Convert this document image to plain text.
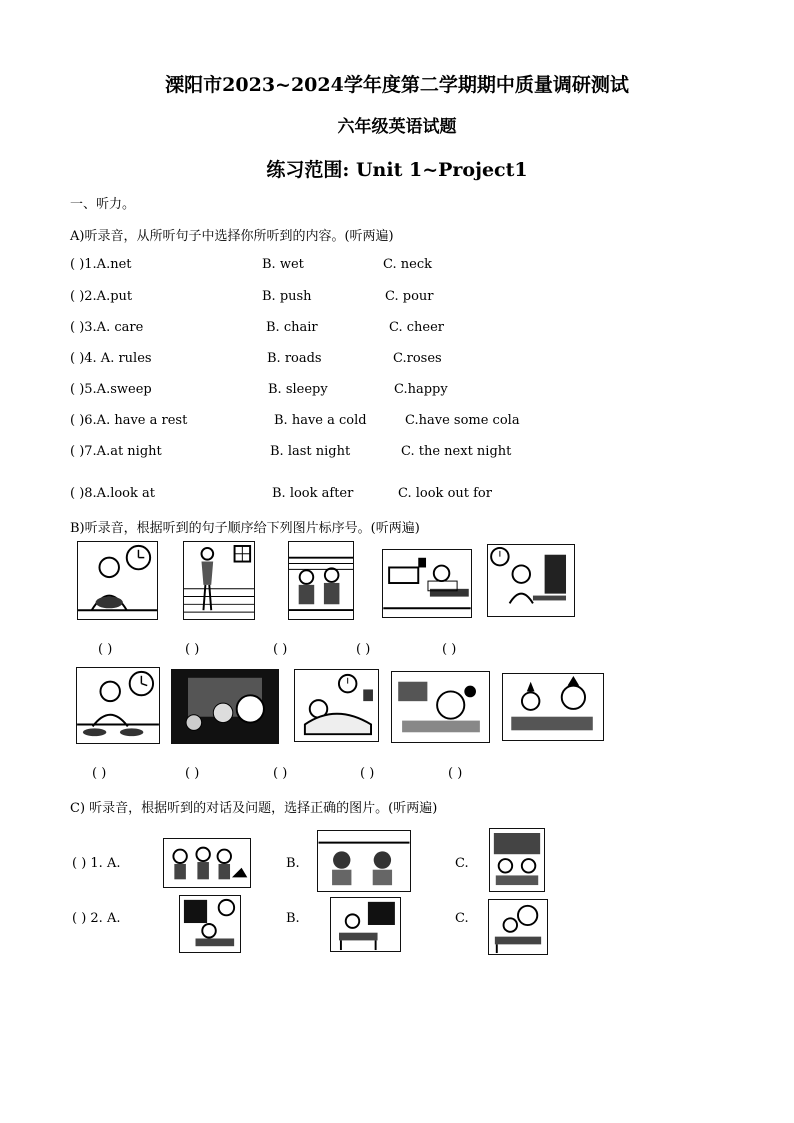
溧阳市2023~2024学年度第二学期期中质量调研测试
六年级英语试题
练习范围: Unit 1~Project1
一、听力。
A)听录音，从所听句子中选择你所听到的内容。(听两遍)
( )1.A.net	B. wet	C. neck
( )2.A.put	B. push	C. pour
( )3.A. care	B. chair	C. cheer
( )4. A. rules	B. roads	C.roses
( )5.A.sweep	B. sleepy	C.happy
( )6.A. have a rest	B. have a cold	C.have some cola
( )7.A.at night	B. last night	C. the next night
( )8.A.look at	B. look after	C. look out for
B)听录音，根据听到的句子顺序给下列图片标序号。(听两遍)
( )	( )	( )	( )	( )
( )	( )	( )	( )	( )
C) 听录音，根据听到的对话及问题，选择正确的图片。(听两遍)
( ) 1. A.	B.	C.
( ) 2. A.	B.	C.
